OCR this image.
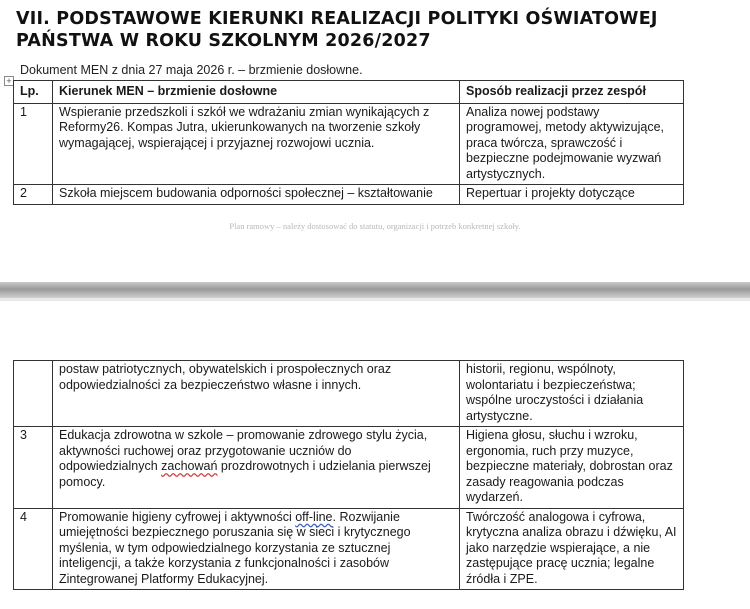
VII. PODSTAWOWE KIERUNKI REALIZACJI POLITYKI OŚWIATOWEJ
PAŃSTWA W ROKU SZKOLNYM 2026/2027
Dokument MEN z dnia 27 maja 2026 r. – brzmienie dosłowne.
+
Lp.	Kierunek MEN – brzmienie dosłowne	Sposób realizacji przez zespół
1	Wspieranie przedszkoli i szkół we wdrażaniu zmian wynikających z Reformy26. Kompas Jutra, ukierunkowanych na tworzenie szkoły wymagającej, wspierającej i przyjaznej rozwojowi ucznia.	Analiza nowej podstawy programowej, metody aktywizujące, praca twórcza, sprawczość i bezpieczne podejmowanie wyzwań artystycznych.
2	Szkoła miejscem budowania odporności społecznej – kształtowanie	Repertuar i projekty dotyczące
Plan ramowy – należy dostosować do statutu, organizacji i potrzeb konkretnej szkoły.
	postaw patriotycznych, obywatelskich i prospołecznych oraz odpowiedzialności za bezpieczeństwo własne i innych.	historii, regionu, wspólnoty, wolontariatu i bezpieczeństwa; wspólne uroczystości i działania artystyczne.
3	Edukacja zdrowotna w szkole – promowanie zdrowego stylu życia, aktywności ruchowej oraz przygotowanie uczniów do odpowiedzialnych zachowań prozdrowotnych i udzielania pierwszej pomocy.	Higiena głosu, słuchu i wzroku, ergonomia, ruch przy muzyce, bezpieczne materiały, dobrostan oraz zasady reagowania podczas wydarzeń.
4	Promowanie higieny cyfrowej i aktywności off-line. Rozwijanie umiejętności bezpiecznego poruszania się w sieci i krytycznego myślenia, w tym odpowiedzialnego korzystania ze sztucznej inteligencji, a także korzystania z funkcjonalności i zasobów Zintegrowanej Platformy Edukacyjnej.	Twórczość analogowa i cyfrowa, krytyczna analiza obrazu i dźwięku, AI jako narzędzie wspierające, a nie zastępujące pracę ucznia; legalne źródła i ZPE.
